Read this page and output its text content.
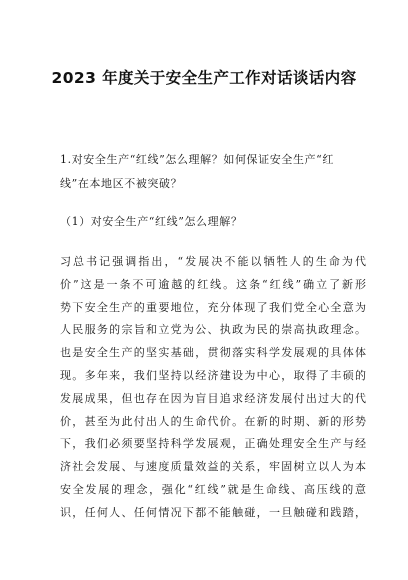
2023 年度关于安全生产工作对话谈话内容
1.对安全生产“红线”怎么理解？如何保证安全生产“红
线”在本地区不被突破？
（1）对安全生产“红线”怎么理解？
习总书记强调指出，“发展决不能以牺牲人的生命为代
价”这是一条不可逾越的红线。这条“红线”确立了新形
势下安全生产的重要地位，充分体现了我们党全心全意为
人民服务的宗旨和立党为公、执政为民的崇高执政理念。
也是安全生产的坚实基础，贯彻落实科学发展观的具体体
现。多年来，我们坚持以经济建设为中心，取得了丰硕的
发展成果，但也存在因为盲目追求经济发展付出过大的代
价，甚至为此付出人的生命代价。在新的时期、新的形势
下，我们必须要坚持科学发展观，正确处理安全生产与经
济社会发展、与速度质量效益的关系，牢固树立以人为本
安全发展的理念，强化“红线”就是生命线、高压线的意
识，任何人、任何情况下都不能触碰，一旦触碰和践踏，
